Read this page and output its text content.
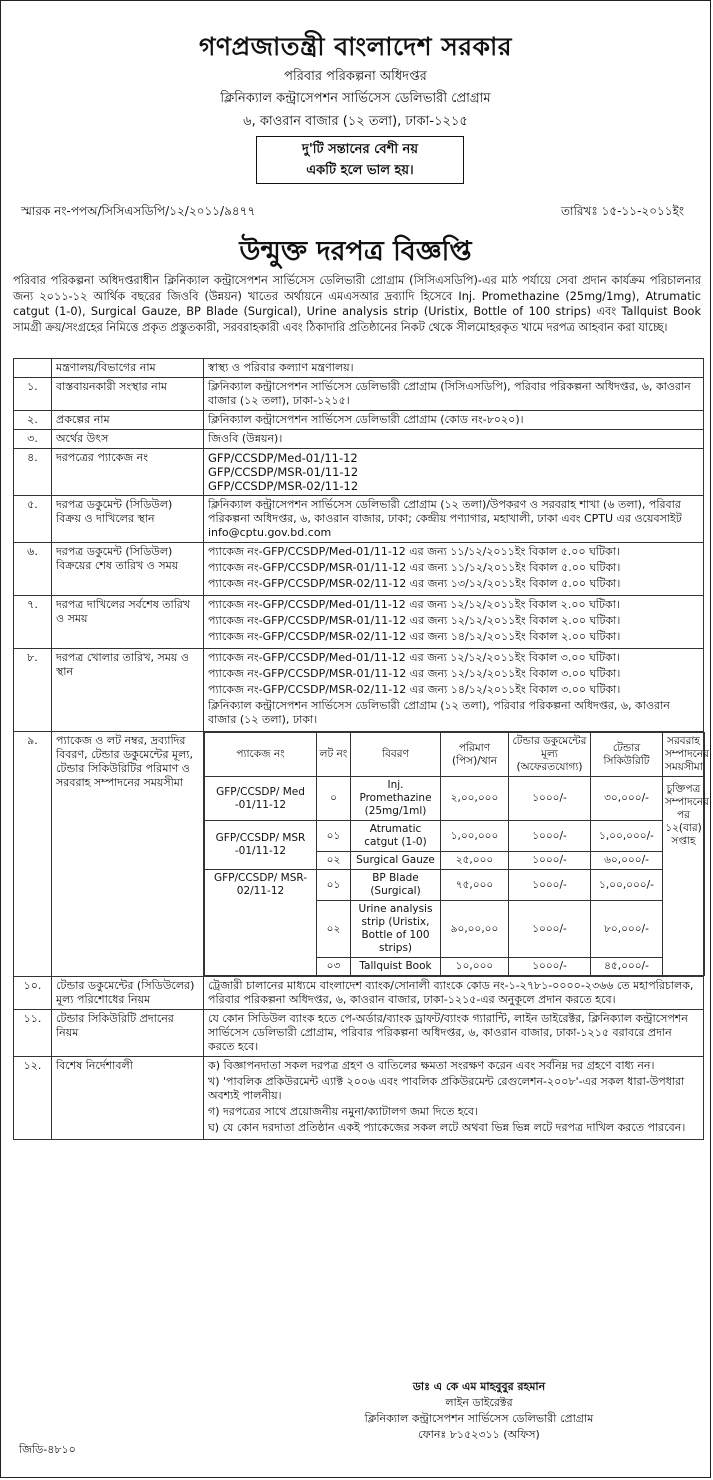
গণপ্রজাতন্ত্রী বাংলাদেশ সরকার
পরিবার পরিকল্পনা অধিদপ্তর
ক্লিনিক্যাল কন্ট্রাসেপশন সার্ভিসেস ডেলিভারী প্রোগ্রাম
৬, কাওরান বাজার (১২ তলা), ঢাকা-১২১৫
দু'টি সন্তানের বেশী নয়
একটি হলে ভাল হয়।
স্মারক নং-পপঅ/সিসিএসডিপি/১২/২০১১/৯৪৭৭	তারিখঃ ১৫-১১-২০১১ইং
উন্মুক্ত দরপত্র বিজ্ঞপ্তি
পরিবার পরিকল্পনা অধিদপ্তরাধীন ক্লিনিক্যাল কন্ট্রাসেপশন সার্ভিসেস ডেলিভারী প্রোগ্রাম (সিসিএসডিপি)-এর মাঠ পর্যায়ে সেবা প্রদান কার্যক্রম পরিচালনার জন্য ২০১১-১২ আর্থিক বছরের জিওবি (উন্নয়ন) খাতের অর্থায়নে এমএসআর দ্রব্যাদি হিসেবে Inj. Promethazine (25mg/1mg), Atrumatic catgut (1-0), Surgical Gauze, BP Blade (Surgical), Urine analysis strip (Uristix, Bottle of 100 strips) এবং Tallquist Book সামগ্রী ক্রয়/সংগ্রহের নিমিত্তে প্রকৃত প্রস্তুতকারী, সরবরাহকারী এবং ঠিকাদারি প্রতিষ্ঠানের নিকট থেকে সীলমোহরকৃত খামে দরপত্র আহবান করা যাচ্ছে।
	মন্ত্রণালয়/বিভাগের নাম	স্বাস্থ্য ও পরিবার কল্যাণ মন্ত্রণালয়।
১.	বাস্তবায়নকারী সংস্থার নাম	ক্লিনিক্যাল কন্ট্রাসেপশন সার্ভিসেস ডেলিভারী প্রোগ্রাম (সিসিএসডিপি), পরিবার পরিকল্পনা অধিদপ্তর, ৬, কাওরান বাজার (১২ তলা), ঢাকা-১২১৫।
২.	প্রকল্পের নাম	ক্লিনিক্যাল কন্ট্রাসেপশন সার্ভিসেস ডেলিভারী প্রোগ্রাম (কোড নং-৮০২০)।
৩.	অর্থের উৎস	জিওবি (উন্নয়ন)।
৪.	দরপত্রের প্যাকেজ নং	GFP/CCSDP/Med-01/11-12
GFP/CCSDP/MSR-01/11-12
GFP/CCSDP/MSR-02/11-12

৫.	দরপত্র ডকুমেন্ট (সিডিউল) বিক্রয় ও দাখিলের স্থান	ক্লিনিক্যাল কন্ট্রাসেপশন সার্ভিসেস ডেলিভারী প্রোগ্রাম (১২ তলা)/উপকরণ ও সরবরাহ শাখা (৬ তলা), পরিবার পরিকল্পনা অধিদপ্তর, ৬, কাওরান বাজার, ঢাকা; কেন্দ্রীয় পণ্যাগার, মহাখালী, ঢাকা এবং CPTU এর ওয়েবসাইট info@cptu.gov.bd.com
৬.	দরপত্র ডকুমেন্ট (সিডিউল) বিক্রয়ের শেষ তারিখ ও সময়	
প্যাকেজ নং-GFP/CCSDP/Med-01/11-12 এর জন্য ১১/১২/২০১১ইং বিকাল ৫.০০ ঘটিকা।
প্যাকেজ নং-GFP/CCSDP/MSR-01/11-12 এর জন্য ১১/১২/২০১১ইং বিকাল ৫.০০ ঘটিকা।
প্যাকেজ নং-GFP/CCSDP/MSR-02/11-12 এর জন্য ১৩/১২/২০১১ইং বিকাল ৫.০০ ঘটিকা।

৭.	দরপত্র দাখিলের সর্বশেষ তারিখ ও সময়	
প্যাকেজ নং-GFP/CCSDP/Med-01/11-12 এর জন্য ১২/১২/২০১১ইং বিকাল ২.০০ ঘটিকা।
প্যাকেজ নং-GFP/CCSDP/MSR-01/11-12 এর জন্য ১২/১২/২০১১ইং বিকাল ২.০০ ঘটিকা।
প্যাকেজ নং-GFP/CCSDP/MSR-02/11-12 এর জন্য ১৪/১২/২০১১ইং বিকাল ২.০০ ঘটিকা।

৮.	দরপত্র খোলার তারিখ, সময় ও স্থান	
প্যাকেজ নং-GFP/CCSDP/Med-01/11-12 এর জন্য ১২/১২/২০১১ইং বিকাল ৩.০০ ঘটিকা।
প্যাকেজ নং-GFP/CCSDP/MSR-01/11-12 এর জন্য ১২/১২/২০১১ইং বিকাল ৩.০০ ঘটিকা।
প্যাকেজ নং-GFP/CCSDP/MSR-02/11-12 এর জন্য ১৪/১২/২০১১ইং বিকাল ৩.০০ ঘটিকা।
ক্লিনিক্যাল কন্ট্রাসেপশন সার্ভিসেস ডেলিভারী প্রোগ্রাম (১২ তলা), পরিবার পরিকল্পনা অধিদপ্তর, ৬, কাওরান বাজার (১২ তলা), ঢাকা।

৯.	প্যাকেজ ও লট নম্বর, দ্রব্যাদির বিবরণ, টেন্ডার ডকুমেন্টের মূল্য, টেন্ডার সিকিউরিটির পরিমাণ ও সরবরাহ সম্পাদনের সময়সীমা	
প্যাকেজ নং	লট নং	বিবরণ	পরিমাণ (পিস)/খান	টেন্ডার ডকুমেন্টের মূল্য (অফেরতযোগ্য)	টেন্ডার সিকিউরিটি	সরবরাহ সম্পাদনের সময়সীমা
GFP/CCSDP/ Med -01/11-12	০	Inj. Promethazine (25mg/1ml)	২,০০,০০০	১০০০/-	৩০,০০০/-	চুক্তিপত্র সম্পাদনের পর ১২(বার) সপ্তাহ
GFP/CCSDP/ MSR -01/11-12	০১	Atrumatic catgut (1-0)	১,০০,০০০	১০০০/-	১,০০,০০০/-
০২	Surgical Gauze	২৫,০০০	১০০০/-	৬০,০০০/-
GFP/CCSDP/ MSR-02/11-12	০১	BP Blade (Surgical)	৭৫,০০০	১০০০/-	১,০০,০০০/-
০২	Urine analysis strip (Uristix, Bottle of 100 strips)	৯০,০০,০০	১০০০/-	৮০,০০০/-
০৩	Tallquist Book	১০,০০০	১০০০/-	৪৫,০০০/-

১০.	টেন্ডার ডকুমেন্টের (সিডিউলের) মূল্য পরিশোধের নিয়ম	ট্রেজারী চালানের মাধ্যমে বাংলাদেশ ব্যাংক/সোনালী ব্যাংকে কোড নং-১-২৭৮১-০০০০-২৩৬৬ তে মহাপরিচালক, পরিবার পরিকল্পনা অধিদপ্তর, ৬, কাওরান বাজার, ঢাকা-১২১৫-এর অনুকূলে প্রদান করতে হবে।
১১.	টেন্ডার সিকিউরিটি প্রদানের নিয়ম	যে কোন সিডিউল ব্যাংক হতে পে-অর্ডার/ব্যাংক ড্রাফট/ব্যাংক গ্যারান্টি, লাইন ডাইরেক্টর, ক্লিনিক্যাল কন্ট্রাসেপশন সার্ভিসেস ডেলিভারী প্রোগ্রাম, পরিবার পরিকল্পনা অধিদপ্তর, ৬, কাওরান বাজার, ঢাকা-১২১৫ বরাবরে প্রদান করতে হবে।
১২.	বিশেষ নির্দেশাবলী	ক) বিজ্ঞাপনদাতা সকল দরপত্র গ্রহণ ও বাতিলের ক্ষমতা সংরক্ষণ করেন এবং সর্বনিম্ন দর গ্রহণে বাধ্য নন।
খ) 'পাবলিক প্রকিউরমেন্ট এ্যাক্ট ২০০৬ এবং পাবলিক প্রকিউরমেন্ট রেগুলেশন-২০০৮'-এর সকল ধারা-উপধারা অবশ্যই পালনীয়।
গ) দরপত্রের সাথে প্রয়োজনীয় নমুনা/ক্যাটালগ জমা দিতে হবে।
ঘ) যে কোন দরদাতা প্রতিষ্ঠান একই প্যাকেজের সকল লটে অথবা ভিন্ন ভিন্ন লটে দরপত্র দাখিল করতে পারবেন।
ডাঃ এ কে এম মাহবুবুর রহমান
লাইন ডাইরেক্টর
ক্লিনিক্যাল কন্ট্রাসেপশন সার্ভিসেস ডেলিভারী প্রোগ্রাম
ফোনঃ ৮১৫২৩১১ (অফিস)
জিডি-৪৮১০
